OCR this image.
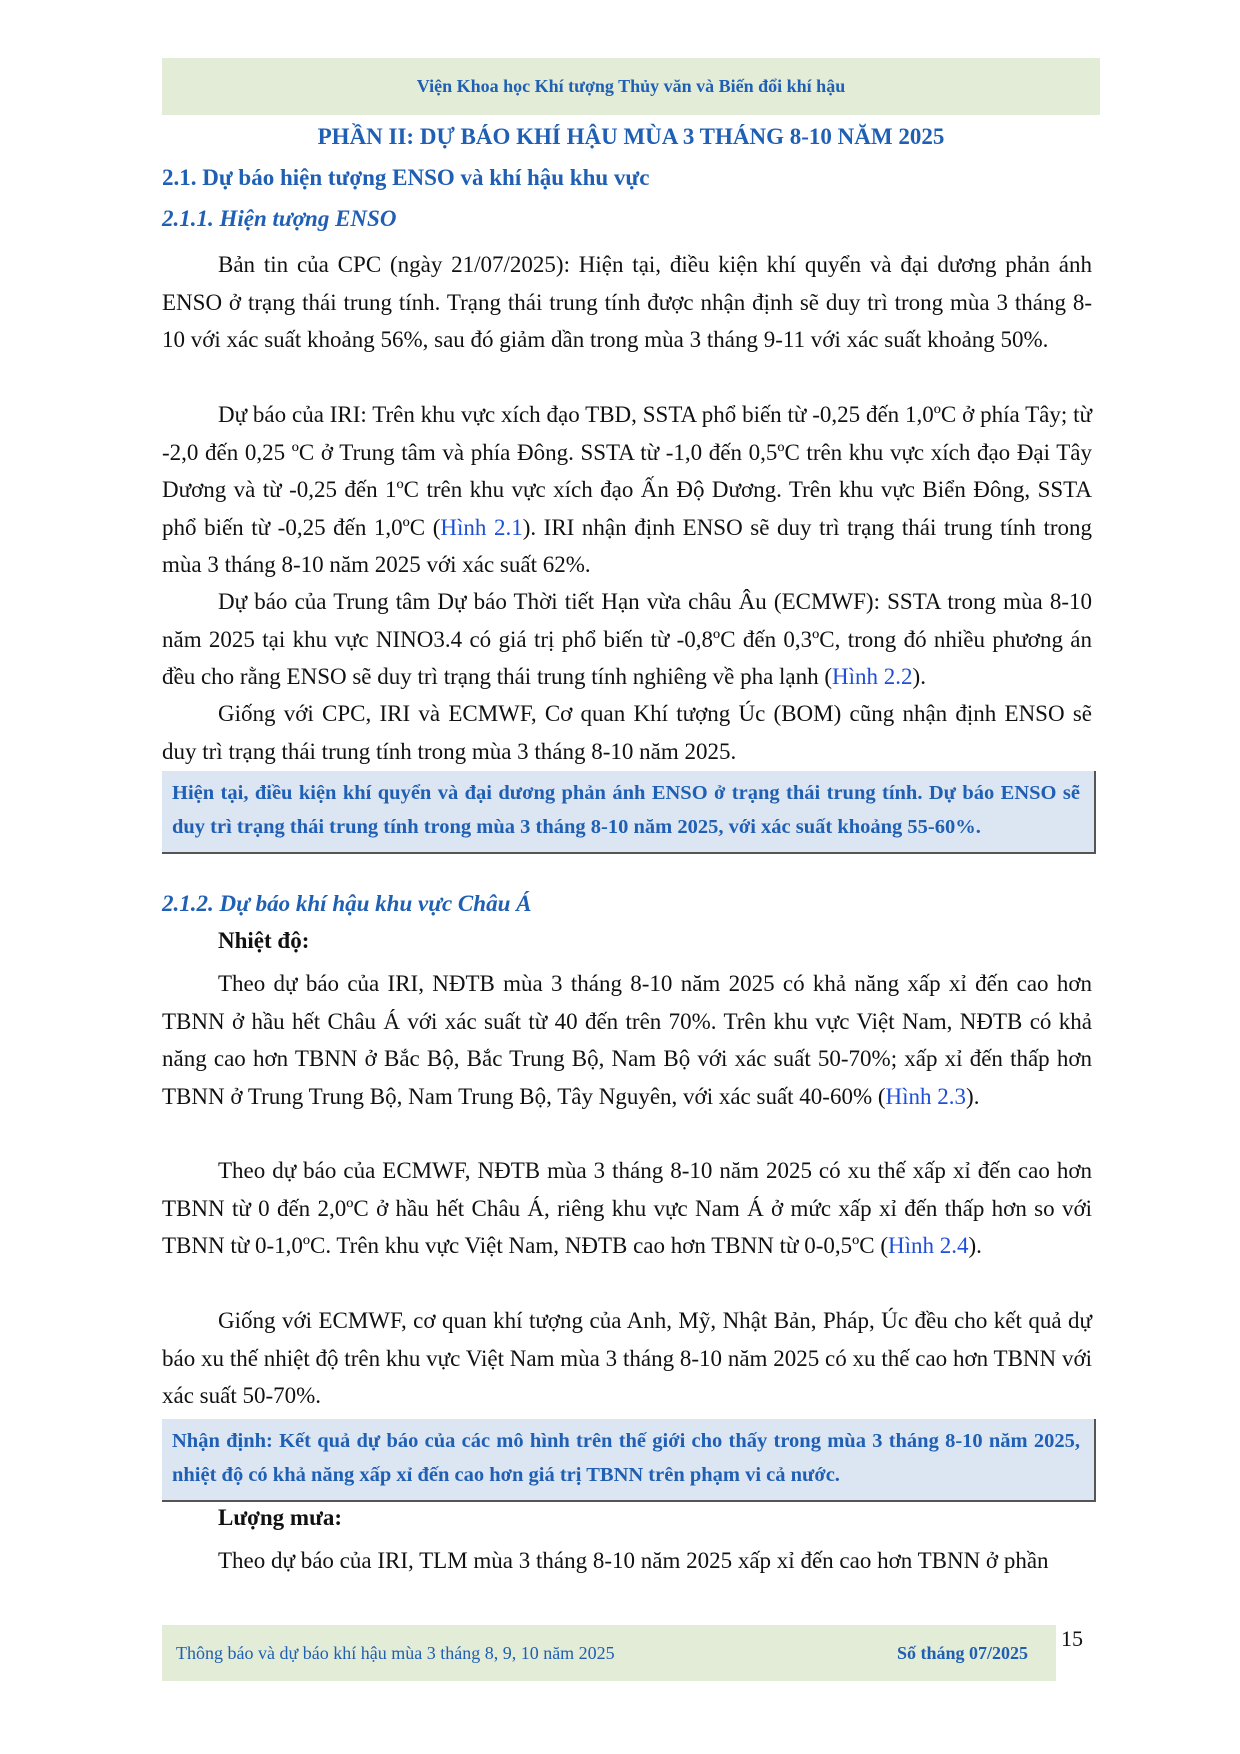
Viện Khoa học Khí tượng Thủy văn và Biến đổi khí hậu
PHẦN II: DỰ BÁO KHÍ HẬU MÙA 3 THÁNG 8-10 NĂM 2025
2.1. Dự báo hiện tượng ENSO và khí hậu khu vực
2.1.1. Hiện tượng ENSO

Bản tin của CPC (ngày 21/07/2025): Hiện tại, điều kiện khí quyển và đại dương phản ánh ENSO ở trạng thái trung tính. Trạng thái trung tính được nhận định sẽ duy trì trong mùa 3 tháng 8-10 với xác suất khoảng 56%, sau đó giảm dần trong mùa 3 tháng 9-11 với xác suất khoảng 50%.

Dự báo của IRI: Trên khu vực xích đạo TBD, SSTA phổ biến từ -0,25 đến 1,0ºC ở phía Tây; từ -2,0 đến 0,25 ºC ở Trung tâm và phía Đông. SSTA từ -1,0 đến 0,5ºC trên khu vực xích đạo Đại Tây Dương và từ -0,25 đến 1ºC trên khu vực xích đạo Ấn Độ Dương. Trên khu vực Biển Đông, SSTA phổ biến từ -0,25 đến 1,0ºC (Hình 2.1). IRI nhận định ENSO sẽ duy trì trạng thái trung tính trong mùa 3 tháng 8-10 năm 2025 với xác suất 62%.

Dự báo của Trung tâm Dự báo Thời tiết Hạn vừa châu Âu (ECMWF): SSTA trong mùa 8-10 năm 2025 tại khu vực NINO3.4 có giá trị phổ biến từ -0,8ºC đến 0,3ºC, trong đó nhiều phương án đều cho rằng ENSO sẽ duy trì trạng thái trung tính nghiêng về pha lạnh (Hình 2.2).

Giống với CPC, IRI và ECMWF, Cơ quan Khí tượng Úc (BOM) cũng nhận định ENSO sẽ duy trì trạng thái trung tính trong mùa 3 tháng 8-10 năm 2025.

Hiện tại, điều kiện khí quyển và đại dương phản ánh ENSO ở trạng thái trung tính. Dự báo ENSO sẽ duy trì trạng thái trung tính trong mùa 3 tháng 8-10 năm 2025, với xác suất khoảng 55-60%.
2.1.2. Dự báo khí hậu khu vực Châu Á
Nhiệt độ:

Theo dự báo của IRI, NĐTB mùa 3 tháng 8-10 năm 2025 có khả năng xấp xỉ đến cao hơn TBNN ở hầu hết Châu Á với xác suất từ 40 đến trên 70%. Trên khu vực Việt Nam, NĐTB có khả năng cao hơn TBNN ở Bắc Bộ, Bắc Trung Bộ, Nam Bộ với xác suất 50-70%; xấp xỉ đến thấp hơn TBNN ở Trung Trung Bộ, Nam Trung Bộ, Tây Nguyên, với xác suất 40-60% (Hình 2.3).

Theo dự báo của ECMWF, NĐTB mùa 3 tháng 8-10 năm 2025 có xu thế xấp xỉ đến cao hơn TBNN từ 0 đến 2,0ºC ở hầu hết Châu Á, riêng khu vực Nam Á ở mức xấp xỉ đến thấp hơn so với TBNN từ 0-1,0ºC. Trên khu vực Việt Nam, NĐTB cao hơn TBNN từ 0-0,5ºC (Hình 2.4).

Giống với ECMWF, cơ quan khí tượng của Anh, Mỹ, Nhật Bản, Pháp, Úc đều cho kết quả dự báo xu thế nhiệt độ trên khu vực Việt Nam mùa 3 tháng 8-10 năm 2025 có xu thế cao hơn TBNN với xác suất 50-70%.

Nhận định: Kết quả dự báo của các mô hình trên thế giới cho thấy trong mùa 3 tháng 8-10 năm 2025, nhiệt độ có khả năng xấp xỉ đến cao hơn giá trị TBNN trên phạm vi cả nước.
Lượng mưa:

Theo dự báo của IRI, TLM mùa 3 tháng 8-10 năm 2025 xấp xỉ đến cao hơn TBNN ở phần

Thông báo và dự báo khí hậu mùa 3 tháng 8, 9, 10 năm 2025	Số tháng 07/2025
15
